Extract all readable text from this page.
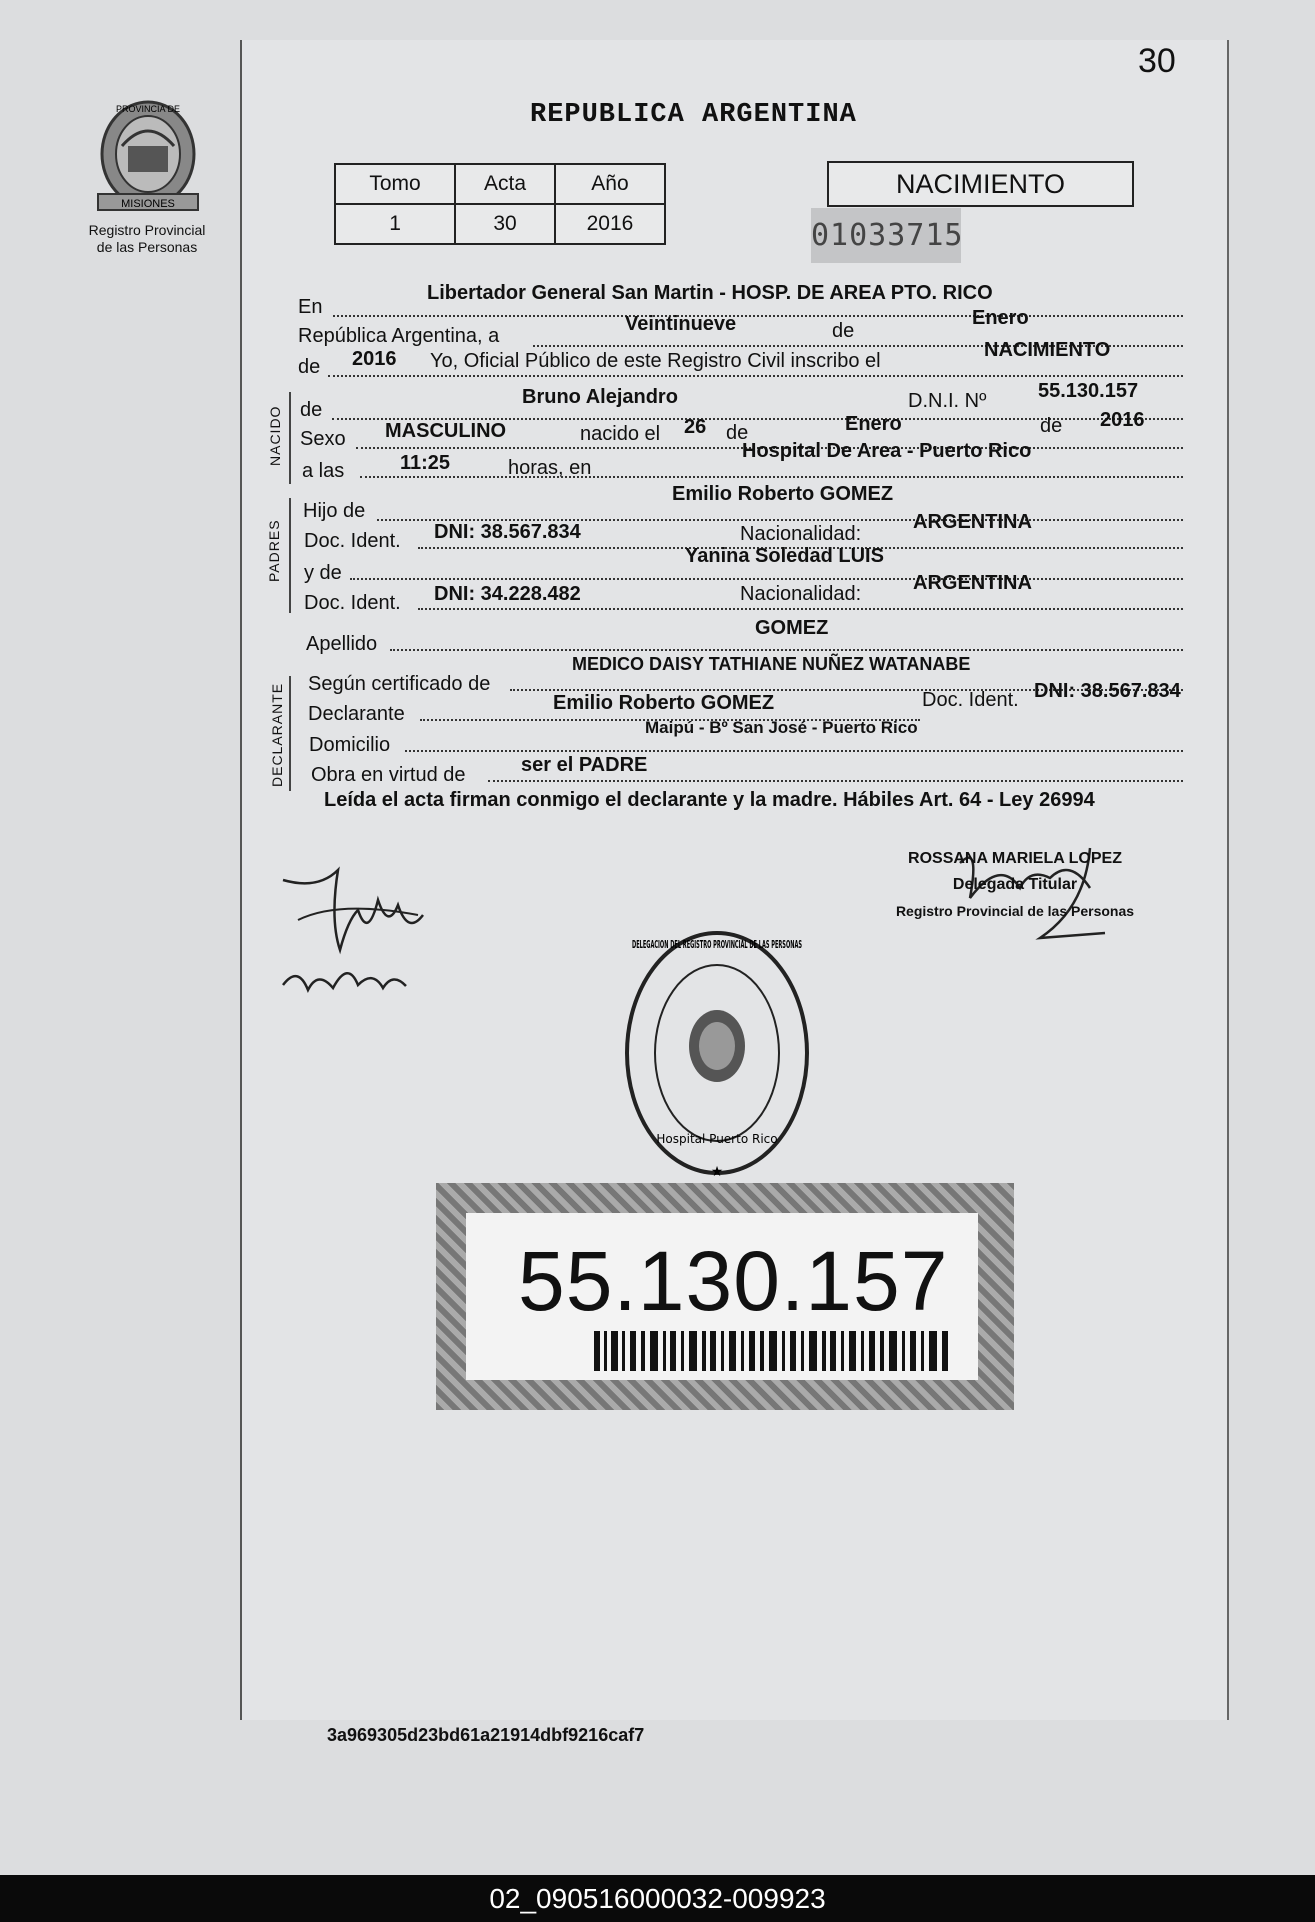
30
PROVINCIA DE
MISIONES
Registro Provincial
de las Personas
REPUBLICA ARGENTINA
Tomo	Acta	Año
1	30	2016
NACIMIENTO
01033715
En
Libertador General San Martin - HOSP. DE AREA PTO. RICO
República Argentina, a
Veintinueve	de
Enero
de 2016 Yo, Oficial Público de este Registro Civil inscribo el	NACIMIENTO
NACIDO de
Bruno Alejandro	D.N.I. Nº	55.130.157
Sexo MASCULINO	nacido el 26 de	Enero	de 2016
a las	11:25	horas, en
Hospital De Area - Puerto Rico
PADRES
Hijo de
Emilio Roberto GOMEZ
Doc. Ident. DNI: 38.567.834	Nacionalidad:
ARGENTINA
y de
Yanina Soledad LUIS
Doc. Ident. DNI: 34.228.482	Nacionalidad:	ARGENTINA
Apellido
GOMEZ
DECLARANTE Según certificado de
MEDICO DAISY TATHIANE NUÑEZ WATANABE
Declarante	Emilio Roberto GOMEZ	Doc. Ident. DNI: 38.567.834
Domicilio
Maipú - Bº San José - Puerto Rico
Obra en virtud de	ser el PADRE
Leída el acta firman conmigo el declarante y la madre. Hábiles Art. 64 - Ley 26994
ROSSANA MARIELA LOPEZ
Delegada Titular
Registro Provincial de las Personas
DELEGACION DEL REGISTRO PROVINCIAL DE LAS PERSONAS
Hospital Puerto Rico
★
55.130.157
3a969305d23bd61a21914dbf9216caf7
02_090516000032-009923
